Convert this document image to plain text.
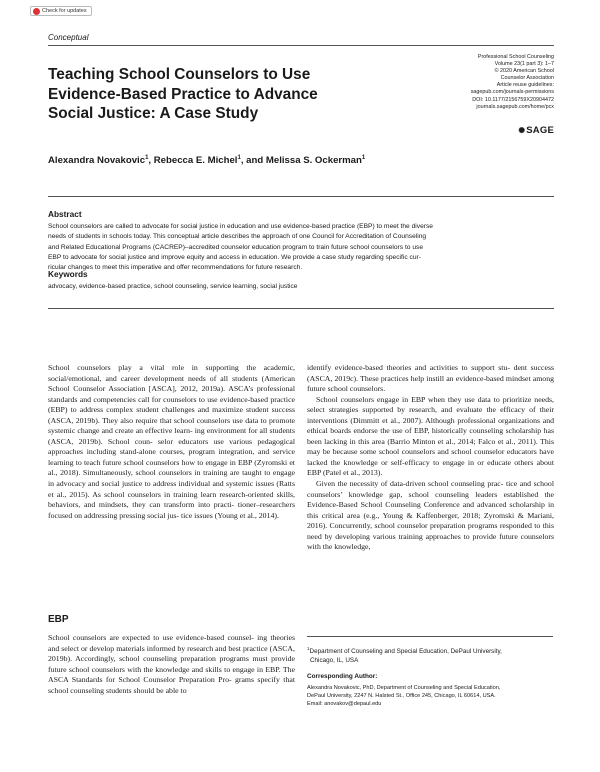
Check for updates
Conceptual
Teaching School Counselors to Use
Evidence-Based Practice to Advance
Social Justice: A Case Study
Professional School Counseling
Volume 23(1 part 3): 1–7
© 2020 American School
Counselor Association
Article reuse guidelines:
sagepub.com/journals-permissions
DOI: 10.1177/2156759X20904472
journals.sagepub.com/home/pcx
✺ SAGE
Alexandra Novakovic$^1$, Rebecca E. Michel$^1$, and Melissa S. Ockerman$^1$
Abstract
School counselors are called to advocate for social justice in education and use evidence-based practice (EBP) to meet the diverse
needs of students in schools today. This conceptual article describes the approach of one Council for Accreditation of Counseling
and Related Educational Programs (CACREP)–accredited counselor education program to train future school counselors to use
EBP to advocate for social justice and improve equity and access in education. We provide a case study regarding specific cur-
ricular changes to meet this imperative and offer recommendations for future research.
Keywords
advocacy, evidence-based practice, school counseling, service learning, social justice

School counselors play a vital role in supporting the academic, social/emotional, and career development needs of all students (American School Counselor Association [ASCA], 2012, 2019a). ASCA’s professional standards and competencies call for counselors to use evidence-based practice (EBP) to address complex student challenges and maximize student success (ASCA, 2019b). They also require that school counselors use data to promote systemic change and create an effective learn- ing environment for all students (ASCA, 2019b). School coun- selor educators use various pedagogical approaches including stand-alone courses, program integration, and service learning to teach future school counselors how to engage in EBP (Zyromski et al., 2018). Simultaneously, school counselors in training are taught to engage in advocacy and social justice to address individual and systemic issues (Ratts et al., 2015). As school counselors in training learn research-oriented skills, behaviors, and mindsets, they can transform into practi- tioner–researchers focused on addressing pressing social jus- tice issues (Young et al., 2014).

EBP

School counselors are expected to use evidence-based counsel- ing theories and select or develop materials informed by research and best practice (ASCA, 2019b). Accordingly, school counseling preparation programs must provide future school counselors with the knowledge and skills to engage in EBP. The ASCA Standards for School Counselor Preparation Pro- grams specify that school counseling students should be able to

identify evidence-based theories and activities to support stu- dent success (ASCA, 2019c). These practices help instill an evidence-based mindset among future school counselors.

School counselors engage in EBP when they use data to prioritize needs, select strategies supported by research, and evaluate the efficacy of their interventions (Dimmitt et al., 2007). Although professional organizations and ethical boards endorse the use of EBP, historically counseling scholarship has been lacking in this area (Barrio Minton et al., 2014; Falco et al., 2011). This may be because some school counselors and school counselor educators have lacked the knowledge or self-efficacy to engage in or educate others about EBP (Patel et al., 2013).

Given the necessity of data-driven school counseling prac- tice and school counselors’ knowledge gap, school counseling leaders established the Evidence-Based School Counseling Conference and advanced scholarship in this critical area (e.g., Young & Kaffenberger, 2018; Zyromski & Mariani, 2016). Concurrently, school counselor preparation programs responded to this need by developing various training approaches to provide future counselors with the knowledge,

$^1$Department of Counseling and Special Education, DePaul University,
Chicago, IL, USA
Corresponding Author:
Alexandra Novakovic, PhD, Department of Counseling and Special Education,
DePaul University, 2247 N. Halsted St., Office 245, Chicago, IL 60614, USA.
Email: anovakov@depaul.edu
